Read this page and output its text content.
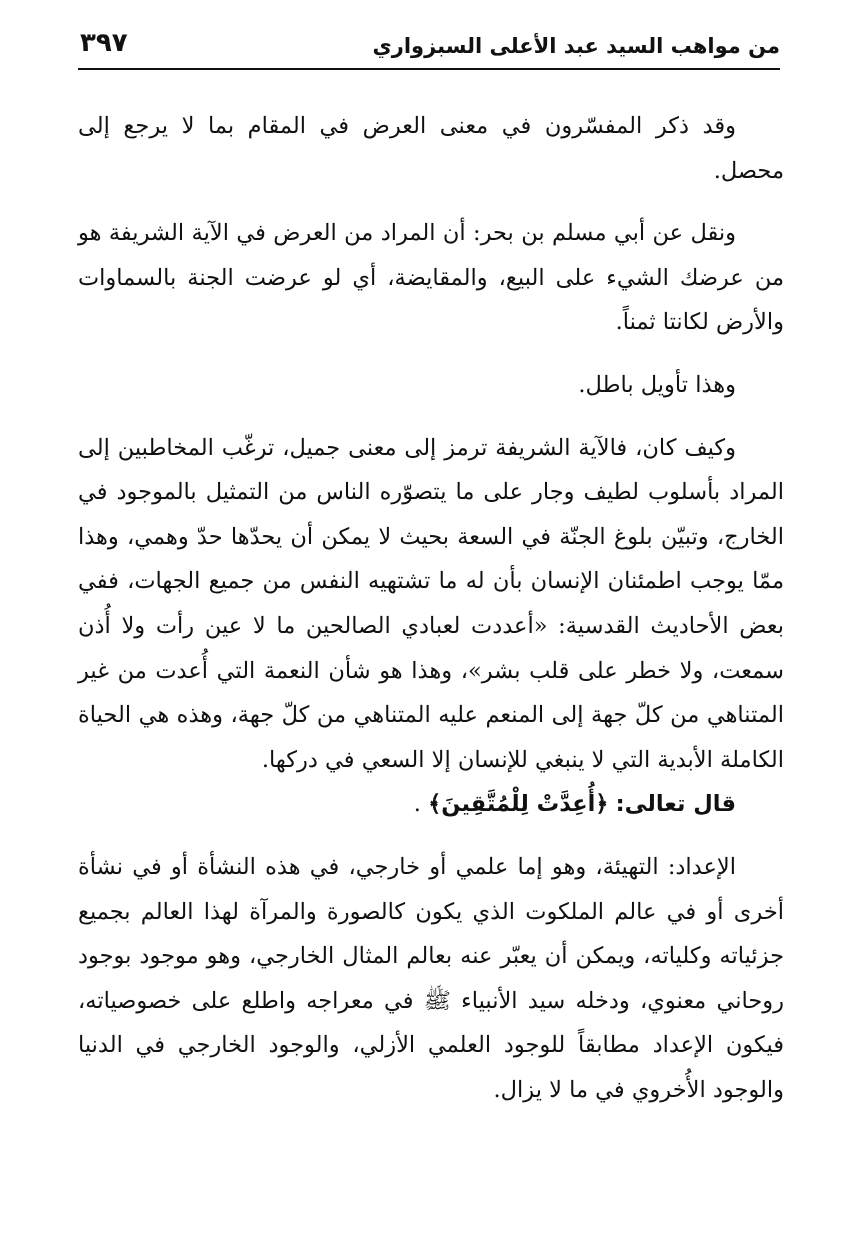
من مواهب السيد عبد الأعلى السبزواري
٣٩٧

وقد ذكر المفسّرون في معنى العرض في المقام بما لا يرجع إلى محصل.

ونقل عن أبي مسلم بن بحر: أن المراد من العرض في الآية الشريفة هو من عرضك الشيء على البيع، والمقايضة، أي لو عرضت الجنة بالسماوات والأرض لكانتا ثمناً.

وهذا تأويل باطل.

وكيف كان، فالآية الشريفة ترمز إلى معنى جميل، ترغّب المخاطبين إلى المراد بأسلوب لطيف وجار على ما يتصوّره الناس من التمثيل بالموجود في الخارج، وتبيّن بلوغ الجنّة في السعة بحيث لا يمكن أن يحدّها حدّ وهمي، وهذا ممّا يوجب اطمئنان الإنسان بأن له ما تشتهيه النفس من جميع الجهات، ففي بعض الأحاديث القدسية: «أعددت لعبادي الصالحين ما لا عين رأت ولا أُذن سمعت، ولا خطر على قلب بشر»، وهذا هو شأن النعمة التي أُعدت من غير المتناهي من كلّ جهة إلى المنعم عليه المتناهي من كلّ جهة، وهذه هي الحياة الكاملة الأبدية التي لا ينبغي للإنسان إلا السعي في دركها.

قال تعالى: ﴿أُعِدَّتْ لِلْمُتَّقِينَ﴾ .

الإعداد: التهيئة، وهو إما علمي أو خارجي، في هذه النشأة أو في نشأة أخرى أو في عالم الملكوت الذي يكون كالصورة والمرآة لهذا العالم بجميع جزئياته وكلياته، ويمكن أن يعبّر عنه بعالم المثال الخارجي، وهو موجود بوجود روحاني معنوي، ودخله سيد الأنبياء ﷺ في معراجه واطلع على خصوصياته، فيكون الإعداد مطابقاً للوجود العلمي الأزلي، والوجود الخارجي في الدنيا والوجود الأُخروي في ما لا يزال.
